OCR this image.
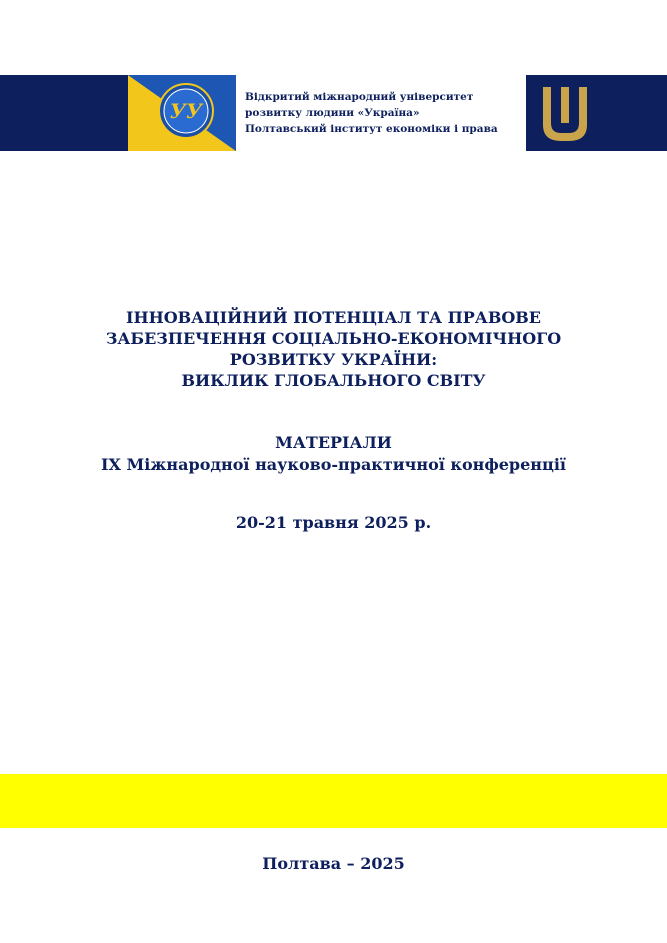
УУ
Відкритий міжнародний університет
розвитку людини «Україна»
Полтавський інститут економіки і права
Ш
ІННОВАЦІЙНИЙ ПОТЕНЦІАЛ ТА ПРАВОВЕ
ЗАБЕЗПЕЧЕННЯ СОЦІАЛЬНО-ЕКОНОМІЧНОГО
РОЗВИТКУ УКРАЇНИ:
ВИКЛИК ГЛОБАЛЬНОГО СВІТУ
МАТЕРІАЛИ
IX Міжнародної науково-практичної конференції
20-21 травня 2025 р.
Полтава – 2025
